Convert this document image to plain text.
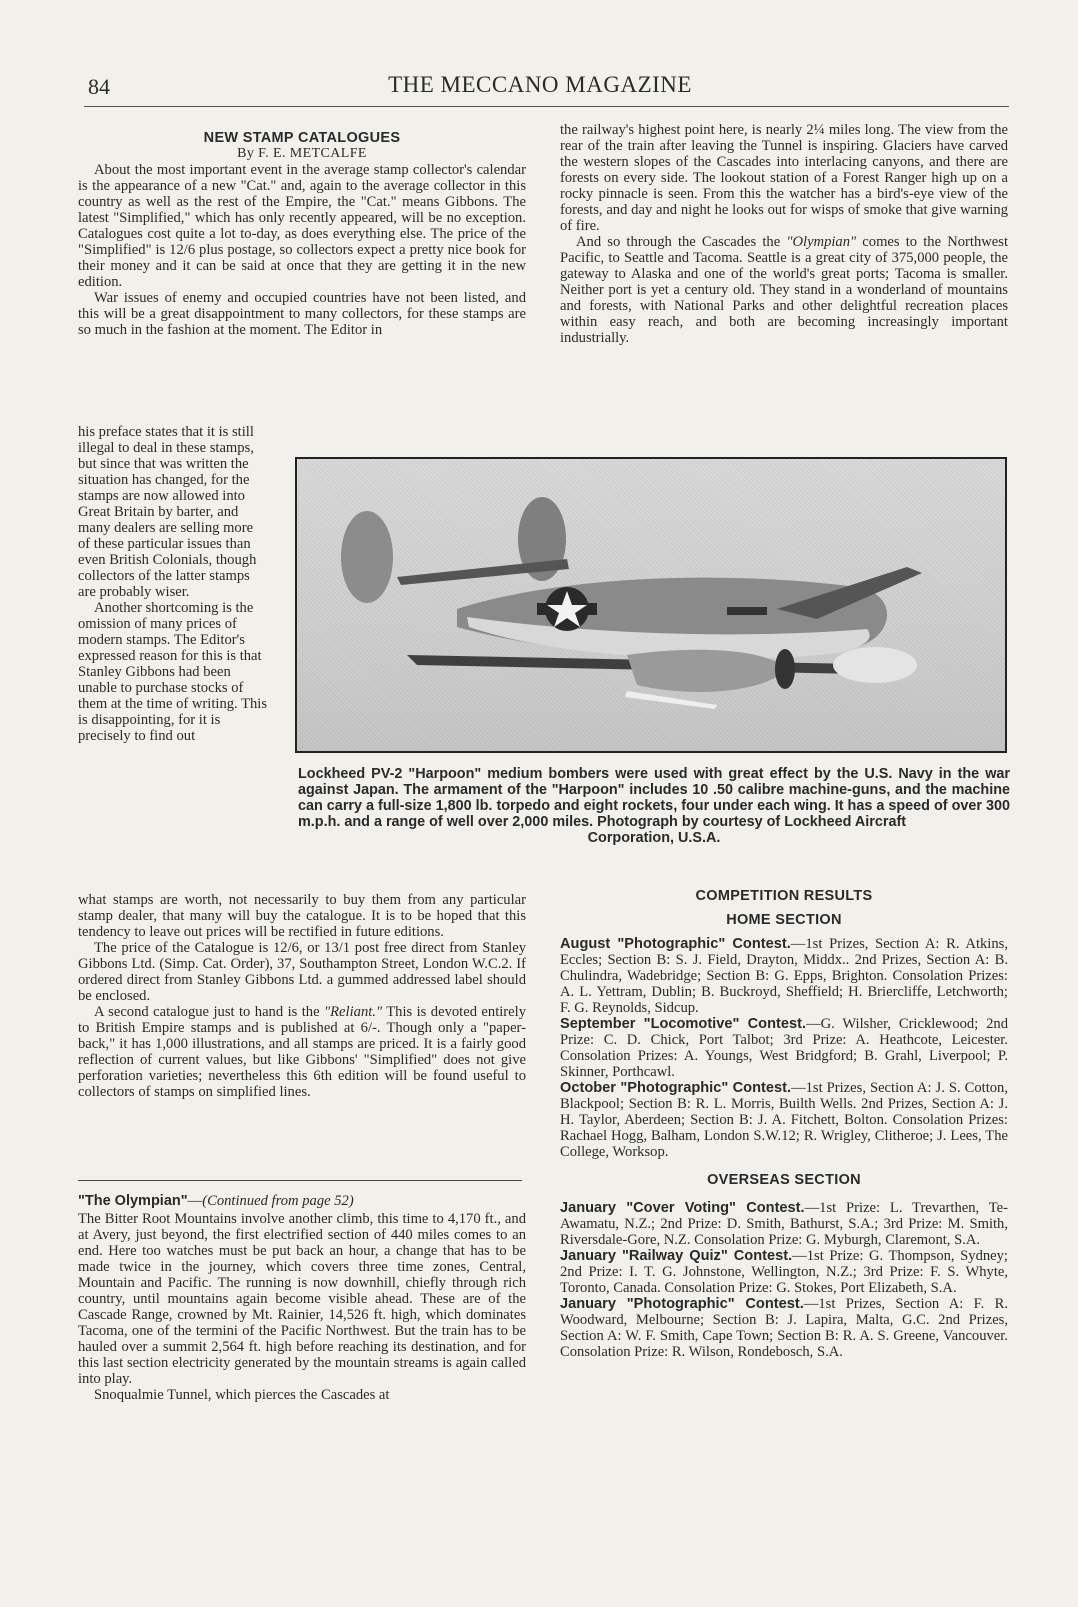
84	THE MECCANO MAGAZINE
NEW STAMP CATALOGUES
By F. E. METCALFE

About the most important event in the average stamp collector's calendar is the appearance of a new "Cat." and, again to the average collector in this country as well as the rest of the Empire, the "Cat." means Gibbons. The latest "Simplified," which has only recently appeared, will be no exception. Catalogues cost quite a lot to-day, as does everything else. The price of the "Simplified" is 12/6 plus postage, so collectors expect a pretty nice book for their money and it can be said at once that they are getting it in the new edition.

War issues of enemy and occupied countries have not been listed, and this will be a great disappointment to many collectors, for these stamps are so much in the fashion at the moment. The Editor in

his preface states that it is still illegal to deal in these stamps, but since that was written the situation has changed, for the stamps are now allowed into Great Britain by barter, and many dealers are selling more of these particular issues than even British Colonials, though collectors of the latter stamps are probably wiser.

Another shortcoming is the omission of many prices of modern stamps. The Editor's expressed reason for this is that Stanley Gibbons had been unable to purchase stocks of them at the time of writing. This is disappointing, for it is precisely to find out

what stamps are worth, not necessarily to buy them from any particular stamp dealer, that many will buy the catalogue. It is to be hoped that this tendency to leave out prices will be rectified in future editions.

The price of the Catalogue is 12/6, or 13/1 post free direct from Stanley Gibbons Ltd. (Simp. Cat. Order), 37, Southampton Street, London W.C.2. If ordered direct from Stanley Gibbons Ltd. a gummed addressed label should be enclosed.

A second catalogue just to hand is the "Reliant." This is devoted entirely to British Empire stamps and is published at 6/-. Though only a "paper-back," it has 1,000 illustrations, and all stamps are priced. It is a fairly good reflection of current values, but like Gibbons' "Simplified" does not give perforation varieties; nevertheless this 6th edition will be found useful to collectors of stamps on simplified lines.

"The Olympian"—(Continued from page 52)

The Bitter Root Mountains involve another climb, this time to 4,170 ft., and at Avery, just beyond, the first electrified section of 440 miles comes to an end. Here too watches must be put back an hour, a change that has to be made twice in the journey, which covers three time zones, Central, Mountain and Pacific. The running is now downhill, chiefly through rich country, until mountains again become visible ahead. These are of the Cascade Range, crowned by Mt. Rainier, 14,526 ft. high, which dominates Tacoma, one of the termini of the Pacific Northwest. But the train has to be hauled over a summit 2,564 ft. high before reaching its destination, and for this last section electricity generated by the mountain streams is again called into play.

Snoqualmie Tunnel, which pierces the Cascades at

the railway's highest point here, is nearly 2¼ miles long. The view from the rear of the train after leaving the Tunnel is inspiring. Glaciers have carved the western slopes of the Cascades into interlacing canyons, and there are forests on every side. The lookout station of a Forest Ranger high up on a rocky pinnacle is seen. From this the watcher has a bird's-eye view of the forests, and day and night he looks out for wisps of smoke that give warning of fire.

And so through the Cascades the "Olympian" comes to the Northwest Pacific, to Seattle and Tacoma. Seattle is a great city of 375,000 people, the gateway to Alaska and one of the world's great ports; Tacoma is smaller. Neither port is yet a century old. They stand in a wonderland of mountains and forests, with National Parks and other delightful recreation places within easy reach, and both are becoming increasingly important industrially.

Lockheed PV-2 "Harpoon" medium bombers were used with great effect by the U.S. Navy in the war against Japan. The armament of the "Harpoon" includes 10 .50 calibre machine-guns, and the machine can carry a full-size 1,800 lb. torpedo and eight rockets, four under each wing. It has a speed of over 300 m.p.h. and a range of well over 2,000 miles. Photograph by courtesy of Lockheed Aircraft
Corporation, U.S.A.
COMPETITION RESULTS
HOME SECTION

August "Photographic" Contest.—1st Prizes, Section A: R. Atkins, Eccles; Section B: S. J. Field, Drayton, Middx.. 2nd Prizes, Section A: B. Chulindra, Wadebridge; Section B: G. Epps, Brighton. Consolation Prizes: A. L. Yettram, Dublin; B. Buckroyd, Sheffield; H. Briercliffe, Letchworth; F. G. Reynolds, Sidcup.

September "Locomotive" Contest.—G. Wilsher, Cricklewood; 2nd Prize: C. D. Chick, Port Talbot; 3rd Prize: A. Heathcote, Leicester. Consolation Prizes: A. Youngs, West Bridgford; B. Grahl, Liverpool; P. Skinner, Porthcawl.

October "Photographic" Contest.—1st Prizes, Section A: J. S. Cotton, Blackpool; Section B: R. L. Morris, Builth Wells. 2nd Prizes, Section A: J. H. Taylor, Aberdeen; Section B: J. A. Fitchett, Bolton. Consolation Prizes: Rachael Hogg, Balham, London S.W.12; R. Wrigley, Clitheroe; J. Lees, The College, Worksop.

OVERSEAS SECTION

January "Cover Voting" Contest.—1st Prize: L. Trevarthen, Te-Awamatu, N.Z.; 2nd Prize: D. Smith, Bathurst, S.A.; 3rd Prize: M. Smith, Riversdale-Gore, N.Z. Consolation Prize: G. Myburgh, Claremont, S.A.

January "Railway Quiz" Contest.—1st Prize: G. Thompson, Sydney; 2nd Prize: I. T. G. Johnstone, Wellington, N.Z.; 3rd Prize: F. S. Whyte, Toronto, Canada. Consolation Prize: G. Stokes, Port Elizabeth, S.A.

January "Photographic" Contest.—1st Prizes, Section A: F. R. Woodward, Melbourne; Section B: J. Lapira, Malta, G.C. 2nd Prizes, Section A: W. F. Smith, Cape Town; Section B: R. A. S. Greene, Vancouver. Consolation Prize: R. Wilson, Rondebosch, S.A.
